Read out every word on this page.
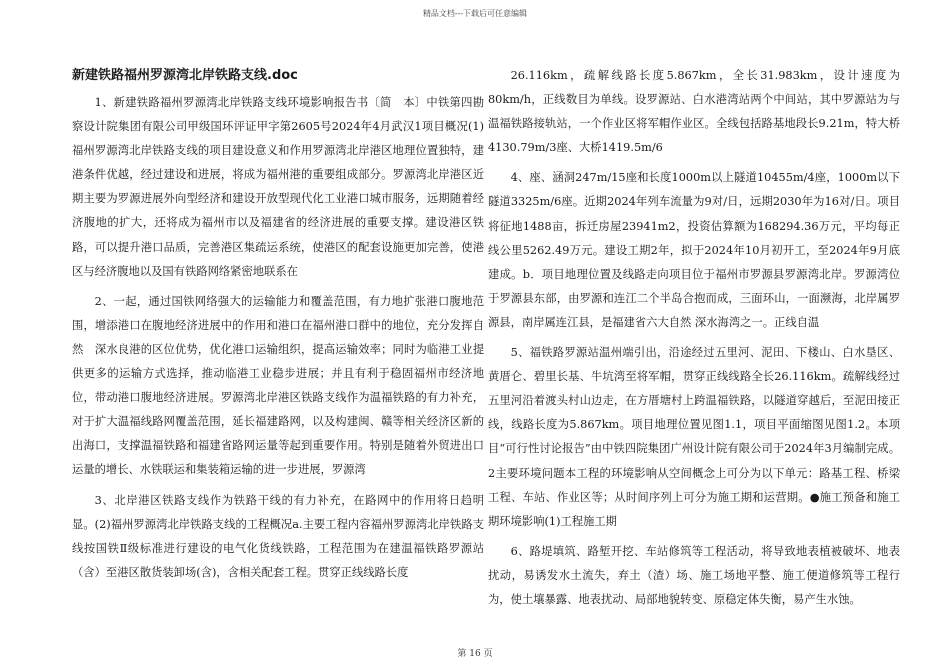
精品文档---下载后可任意编辑
新建铁路福州罗源湾北岸铁路支线.doc

1、新建铁路福州罗源湾北岸铁路支线环境影响报告书〔简　本〕中铁第四勘察设计院集团有限公司甲级国环评证甲字第2605号2024年4月武汉1项目概况(1)福州罗源湾北岸铁路支线的项目建设意义和作用罗源湾北岸港区地理位置独特，建港条件优越，经过建设和进展，将成为福州港的重要组成部分。罗源湾北岸港区近期主要为罗源进展外向型经济和建设开放型现代化工业港口城市服务，远期随着经济腹地的扩大，还将成为福州市以及福建省的经济进展的重要支撑。建设港区铁路，可以提升港口品质，完善港区集疏运系统，使港区的配套设施更加完善，使港区与经济腹地以及国有铁路网络紧密地联系在

2、一起，通过国铁网络强大的运输能力和覆盖范围，有力地扩张港口腹地范围，增添港口在腹地经济进展中的作用和港口在福州港口群中的地位，充分发挥自然　深水良港的区位优势，优化港口运输组织，提高运输效率；同时为临港工业提供更多的运输方式选择，推动临港工业稳步进展；并且有利于稳固福州市经济地位，带动港口腹地经济进展。罗源湾北岸港区铁路支线作为温福铁路的有力补充，对于扩大温福线路网覆盖范围，延长福建路网，以及构建闽、赣等相关经济区新的出海口，支撑温福铁路和福建省路网运量等起到重要作用。特别是随着外贸进出口运量的增长、水铁联运和集装箱运输的进一步进展，罗源湾

3、北岸港区铁路支线作为铁路干线的有力补充，在路网中的作用将日趋明显。(2)福州罗源湾北岸铁路支线的工程概况a.主要工程内容福州罗源湾北岸铁路支线按国铁Ⅱ级标准进行建设的电气化货线铁路，工程范围为在建温福铁路罗源站（含）至港区散货装卸场(含)，含相关配套工程。贯穿正线线路长度

26.116km，疏解线路长度5.867km，全长31.983km，设计速度为80km/h，正线数目为单线。设罗源站、白水港湾站两个中间站，其中罗源站为与温福铁路接轨站，一个作业区将军帽作业区。全线包括路基地段长9.21m，特大桥4130.79m/3座、大桥1419.5m/6

4、座、涵洞247m/15座和长度1000m以上隧道10455m/4座，1000m以下隧道3325m/6座。近期2024年列车流量为9对/日，远期2030年为16对/日。项目将征地1488亩，拆迁房屋23941m2，投资估算额为168294.36万元，平均每正线公里5262.49万元。建设工期2年，拟于2024年10月初开工，至2024年9月底建成。b．项目地理位置及线路走向项目位于福州市罗源县罗源湾北岸。罗源湾位于罗源县东部，由罗源和连江二个半岛合抱而成，三面环山，一面濒海，北岸属罗源县，南岸属连江县，是福建省六大自然 深水海湾之一。正线自温

5、福铁路罗源站温州端引出，沿途经过五里河、泥田、下楼山、白水垦区、黄厝仑、碧里长基、牛坑湾至将军帽，贯穿正线线路全长26.116km。疏解线经过五里河沿着渡头村山边走，在方厝塘村上跨温福铁路，以隧道穿越后，至泥田接正线，线路长度为5.867km。项目地理位置见图1.1，项目平面缩图见图1.2。本项目“可行性讨论报告”由中铁四院集团广州设计院有限公司于2024年3月编制完成。2主要环境问题本工程的环境影响从空间概念上可分为以下单元：路基工程、桥梁工程、车站、作业区等；从时间序列上可分为施工期和运营期。●施工预备和施工期环境影响(1)工程施工期

6、路堤填筑、路堑开挖、车站修筑等工程活动，将导致地表植被破坏、地表扰动，易诱发水土流失，弃土（渣）场、施工场地平整、施工便道修筑等工程行为，使土壤暴露、地表扰动、局部地貌转变、原稳定体失衡，易产生水蚀。

第 16 页
